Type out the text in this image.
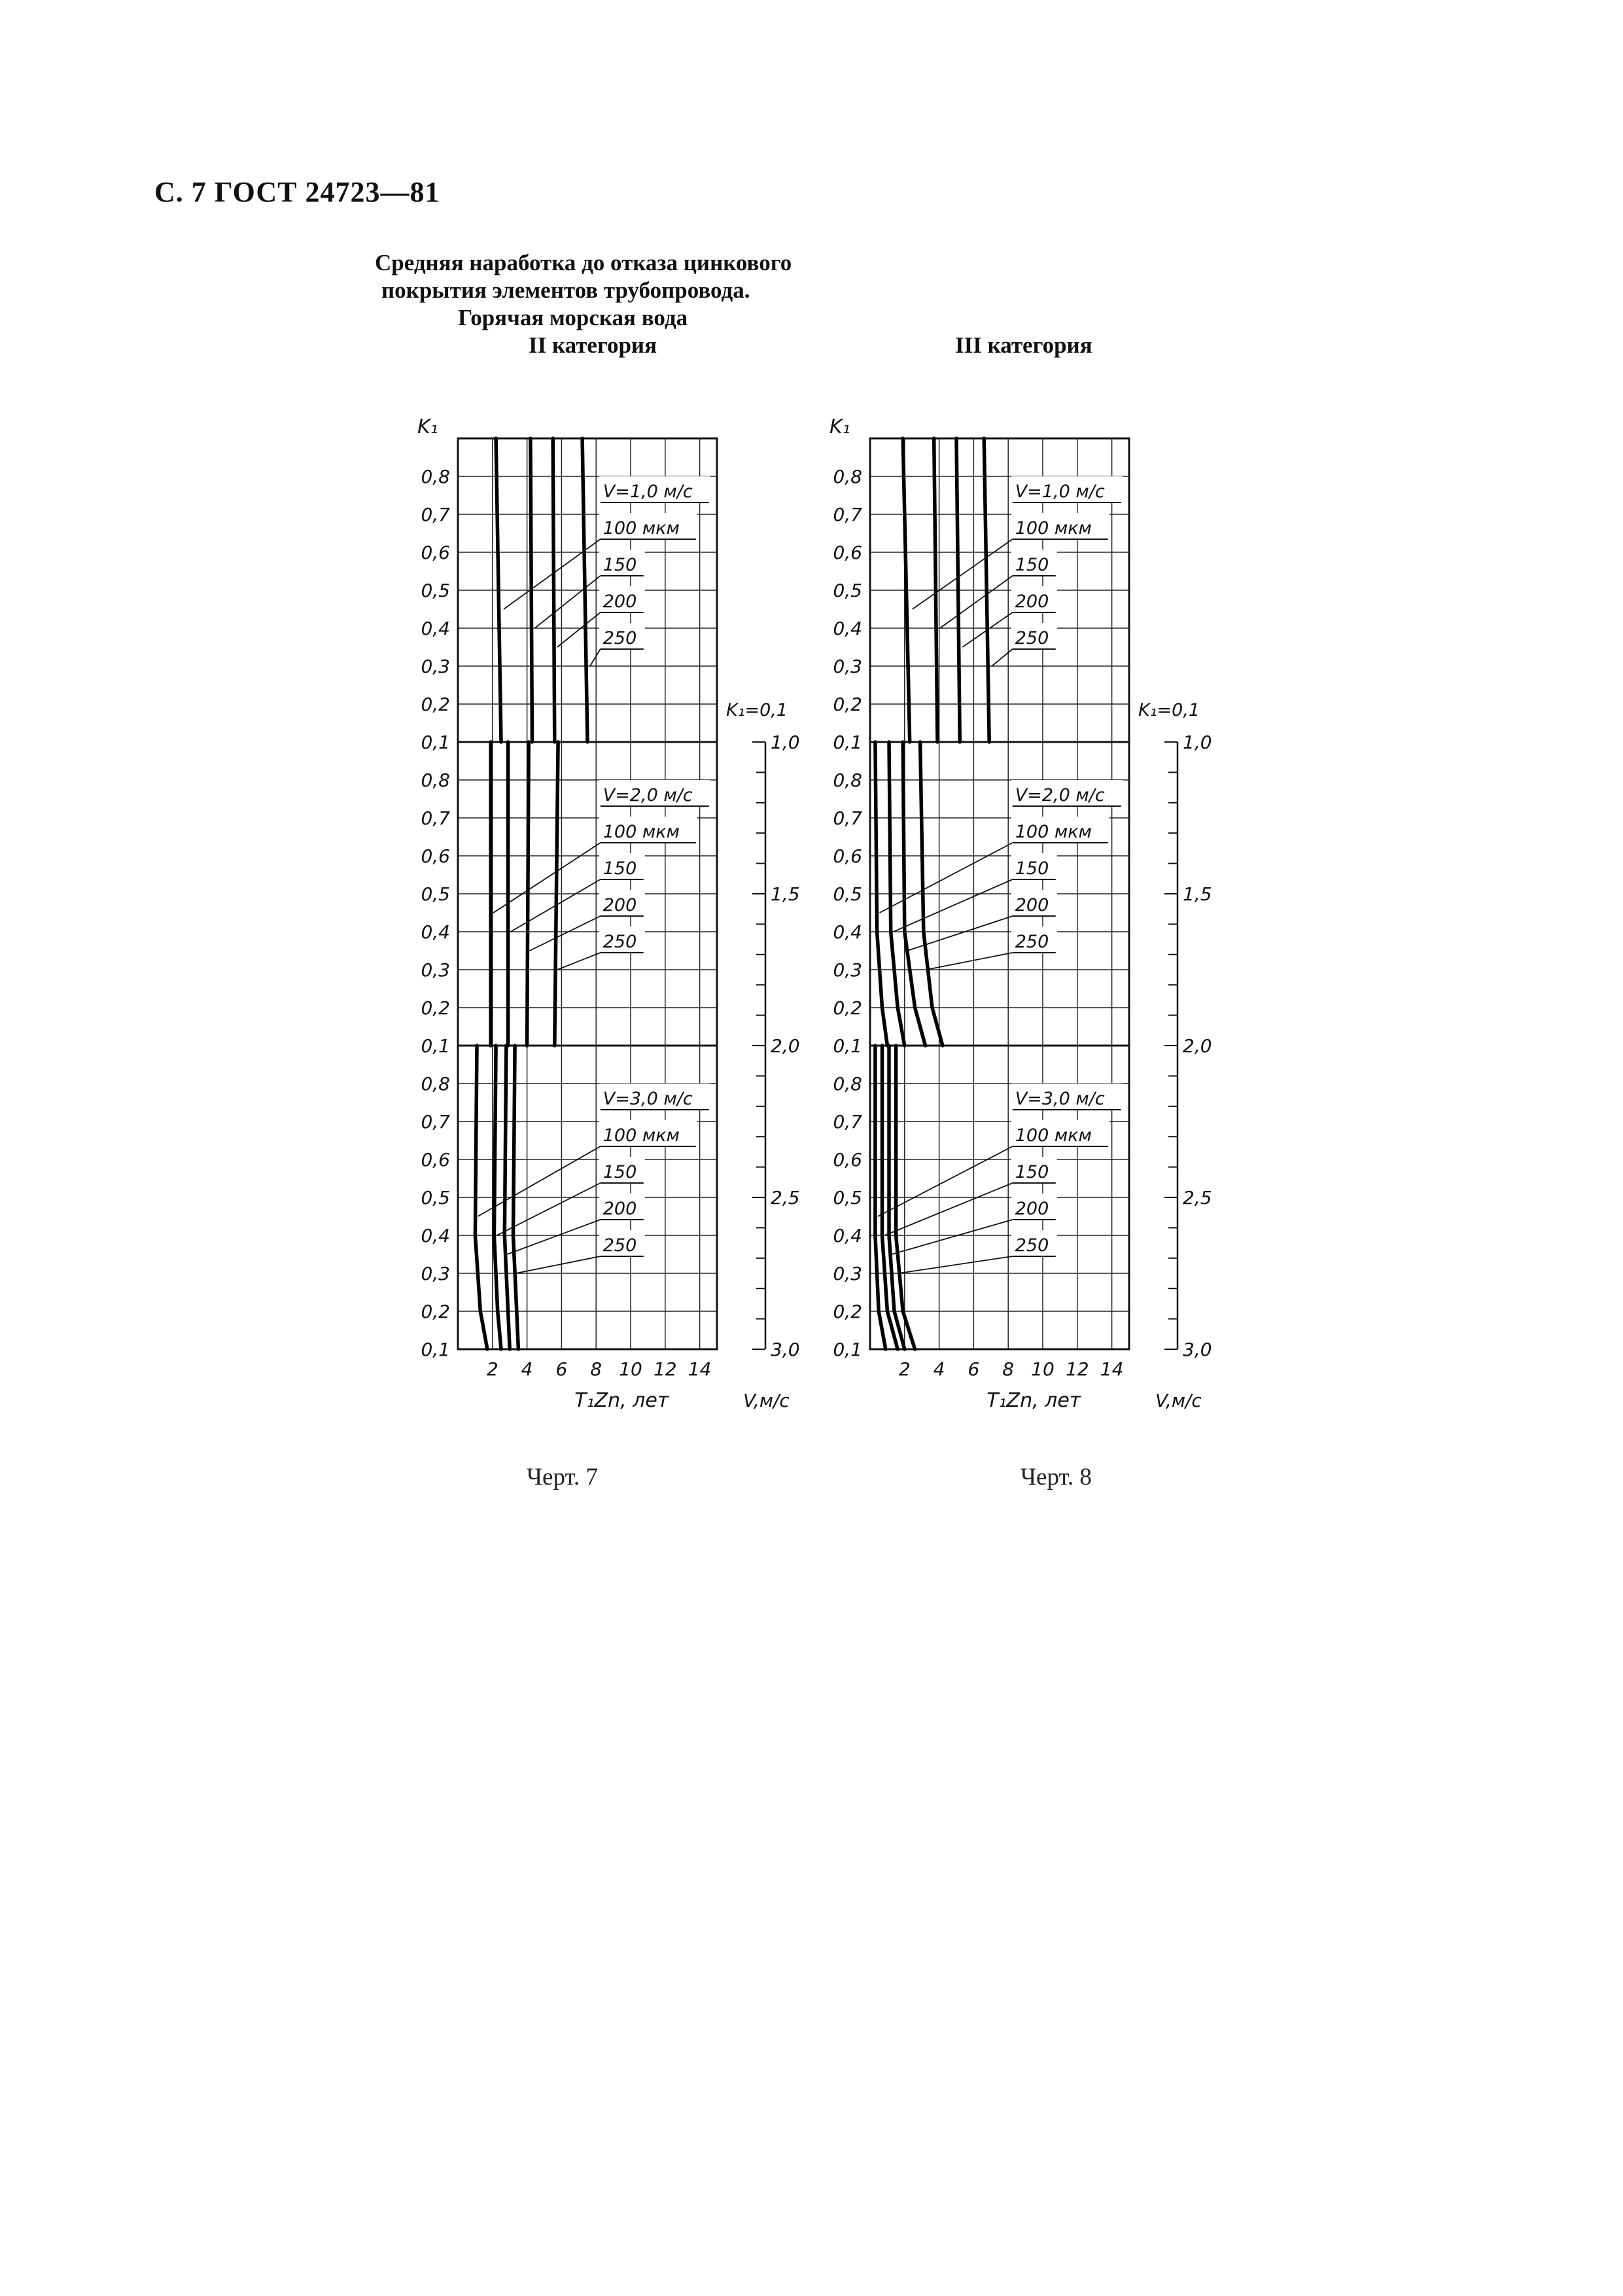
С. 7 ГОСТ 24723—81
Средняя наработка до отказа цинкового
покрытия элементов трубопровода.
Горячая морская вода
II категория	III категория
K₁
0,1
0,2
0,3
0,4
0,5
0,6
0,7
0,8
V=1,0 м/с
100 мкм
150
200
250
0,1
0,2
0,3
0,4
0,5
0,6
0,7
0,8
V=2,0 м/с
100 мкм
150
200
250
0,1
0,2
0,3
0,4
0,5
0,6
0,7
0,8
V=3,0 м/с
100 мкм
150
200
250
2 4 6 8 10 12 14
T₁Zn, лет
1,0
1,5
2,0
2,5
3,0
K₁=0,1
V,м/с
K₁
0,1
0,2
0,3
0,4
0,5
0,6
0,7
0,8
V=1,0 м/с
100 мкм
150
200
250
0,1
0,2
0,3
0,4
0,5
0,6
0,7
0,8
V=2,0 м/с
100 мкм
150
200
250
0,1
0,2
0,3
0,4
0,5
0,6
0,7
0,8
V=3,0 м/с
100 мкм
150
200
250
2 4 6 8 10 12 14
T₁Zn, лет
1,0
1,5
2,0
2,5
3,0
K₁=0,1
V,м/с
Черт. 7	Черт. 8
